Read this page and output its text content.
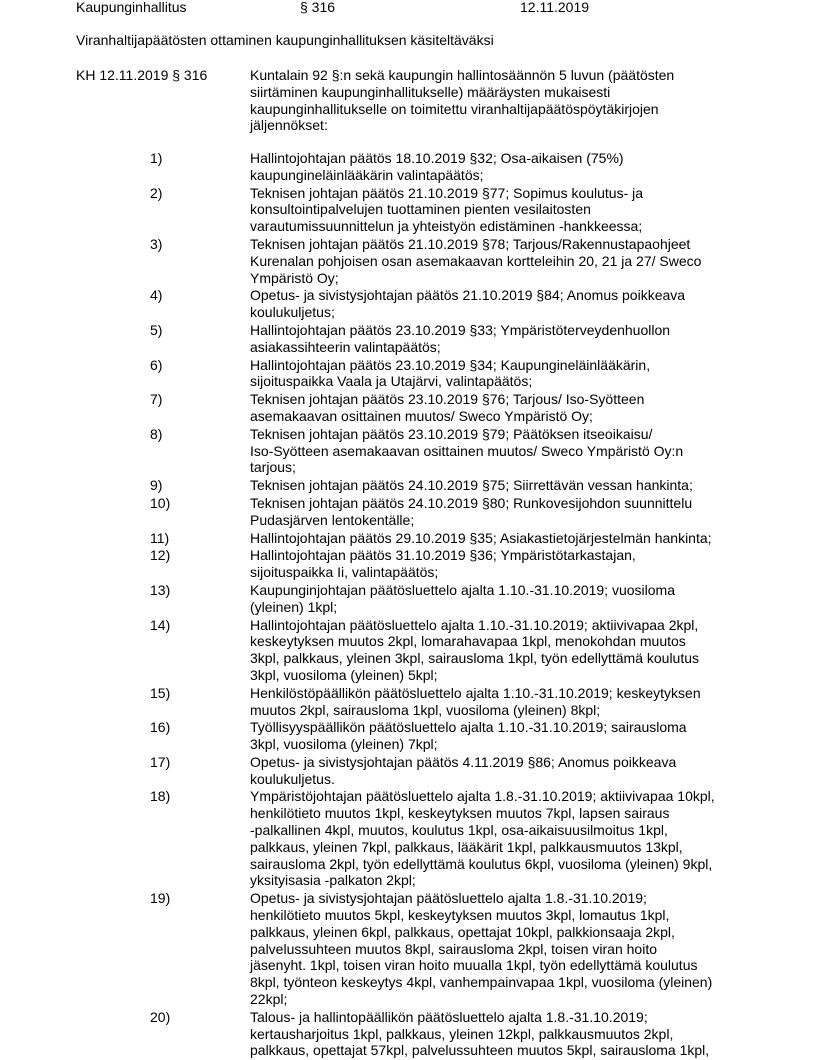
Kaupunginhallitus	§ 316	12.11.2019
Viranhaltijapäätösten ottaminen kaupunginhallituksen käsiteltäväksi
KH 12.11.2019 § 316	Kuntalain 92 §:n sekä kaupungin hallintosäännön 5 luvun (päätösten siirtäminen kaupunginhallitukselle) määräysten mukaisesti kaupunginhallitukselle on toimitettu viranhaltijapäätöspöytäkirjojen jäljennökset:
1)	Hallintojohtajan päätös 18.10.2019 §32; Osa-aikaisen (75%)
kaupungineläinlääkärin valintapäätös;
2)	Teknisen johtajan päätös 21.10.2019 §77; Sopimus koulutus- ja
konsultointipalvelujen tuottaminen pienten vesilaitosten
varautumissuunnittelun ja yhteistyön edistäminen -hankkeessa;
3)	Teknisen johtajan päätös 21.10.2019 §78; Tarjous/Rakennustapaohjeet
Kurenalan pohjoisen osan asemakaavan kortteleihin 20, 21 ja 27/ Sweco
Ympäristö Oy;
4)	Opetus- ja sivistysjohtajan päätös 21.10.2019 §84; Anomus poikkeava
koulukuljetus;
5)	Hallintojohtajan päätös 23.10.2019 §33; Ympäristöterveydenhuollon
asiakassihteerin valintapäätös;
6)	Hallintojohtajan päätös 23.10.2019 §34; Kaupungineläinlääkärin,
sijoituspaikka Vaala ja Utajärvi, valintapäätös;
7)	Teknisen johtajan päätös 23.10.2019 §76; Tarjous/ Iso-Syötteen
asemakaavan osittainen muutos/ Sweco Ympäristö Oy;
8)	Teknisen johtajan päätös 23.10.2019 §79; Päätöksen itseoikaisu/
Iso-Syötteen asemakaavan osittainen muutos/ Sweco Ympäristö Oy:n
tarjous;
9)	Teknisen johtajan päätös 24.10.2019 §75; Siirrettävän vessan hankinta;
10)	Teknisen johtajan päätös 24.10.2019 §80; Runkovesijohdon suunnittelu
Pudasjärven lentokentälle;
11)	Hallintojohtajan päätös 29.10.2019 §35; Asiakastietojärjestelmän hankinta;
12)	Hallintojohtajan päätös 31.10.2019 §36; Ympäristötarkastajan,
sijoituspaikka Ii, valintapäätös;
13)	Kaupunginjohtajan päätösluettelo ajalta 1.10.-31.10.2019; vuosiloma
(yleinen) 1kpl;
14)	Hallintojohtajan päätösluettelo ajalta 1.10.-31.10.2019; aktiivivapaa 2kpl,
keskeytyksen muutos 2kpl, lomarahavapaa 1kpl, menokohdan muutos
3kpl, palkkaus, yleinen 3kpl, sairausloma 1kpl, työn edellyttämä koulutus
3kpl, vuosiloma (yleinen) 5kpl;
15)	Henkilöstöpäällikön päätösluettelo ajalta 1.10.-31.10.2019; keskeytyksen
muutos 2kpl, sairausloma 1kpl, vuosiloma (yleinen) 8kpl;
16)	Työllisyyspäällikön päätösluettelo ajalta 1.10.-31.10.2019; sairausloma
3kpl, vuosiloma (yleinen) 7kpl;
17)	Opetus- ja sivistysjohtajan päätös 4.11.2019 §86; Anomus poikkeava
koulukuljetus.
18)	Ympäristöjohtajan päätösluettelo ajalta 1.8.-31.10.2019; aktiivivapaa 10kpl,
henkilötieto muutos 1kpl, keskeytyksen muutos 7kpl, lapsen sairaus
-palkallinen 4kpl, muutos, koulutus 1kpl, osa-aikaisuusilmoitus 1kpl,
palkkaus, yleinen 7kpl, palkkaus, lääkärit 1kpl, palkkausmuutos 13kpl,
sairausloma 2kpl, työn edellyttämä koulutus 6kpl, vuosiloma (yleinen) 9kpl,
yksityisasia -palkaton 2kpl;
19)	Opetus- ja sivistysjohtajan päätösluettelo ajalta 1.8.-31.10.2019;
henkilötieto muutos 5kpl, keskeytyksen muutos 3kpl, lomautus 1kpl,
palkkaus, yleinen 6kpl, palkkaus, opettajat 10kpl, palkkionsaaja 2kpl,
palvelussuhteen muutos 8kpl, sairausloma 2kpl, toisen viran hoito
jäsenyht. 1kpl, toisen viran hoito muualla 1kpl, työn edellyttämä koulutus
8kpl, työnteon keskeytys 4kpl, vanhempainvapaa 1kpl, vuosiloma (yleinen)
22kpl;
20)	Talous- ja hallintopäällikön päätösluettelo ajalta 1.8.-31.10.2019;
kertausharjoitus 1kpl, palkkaus, yleinen 12kpl, palkkausmuutos 2kpl,
palkkaus, opettajat 57kpl, palvelussuhteen muutos 5kpl, sairausloma 1kpl,
